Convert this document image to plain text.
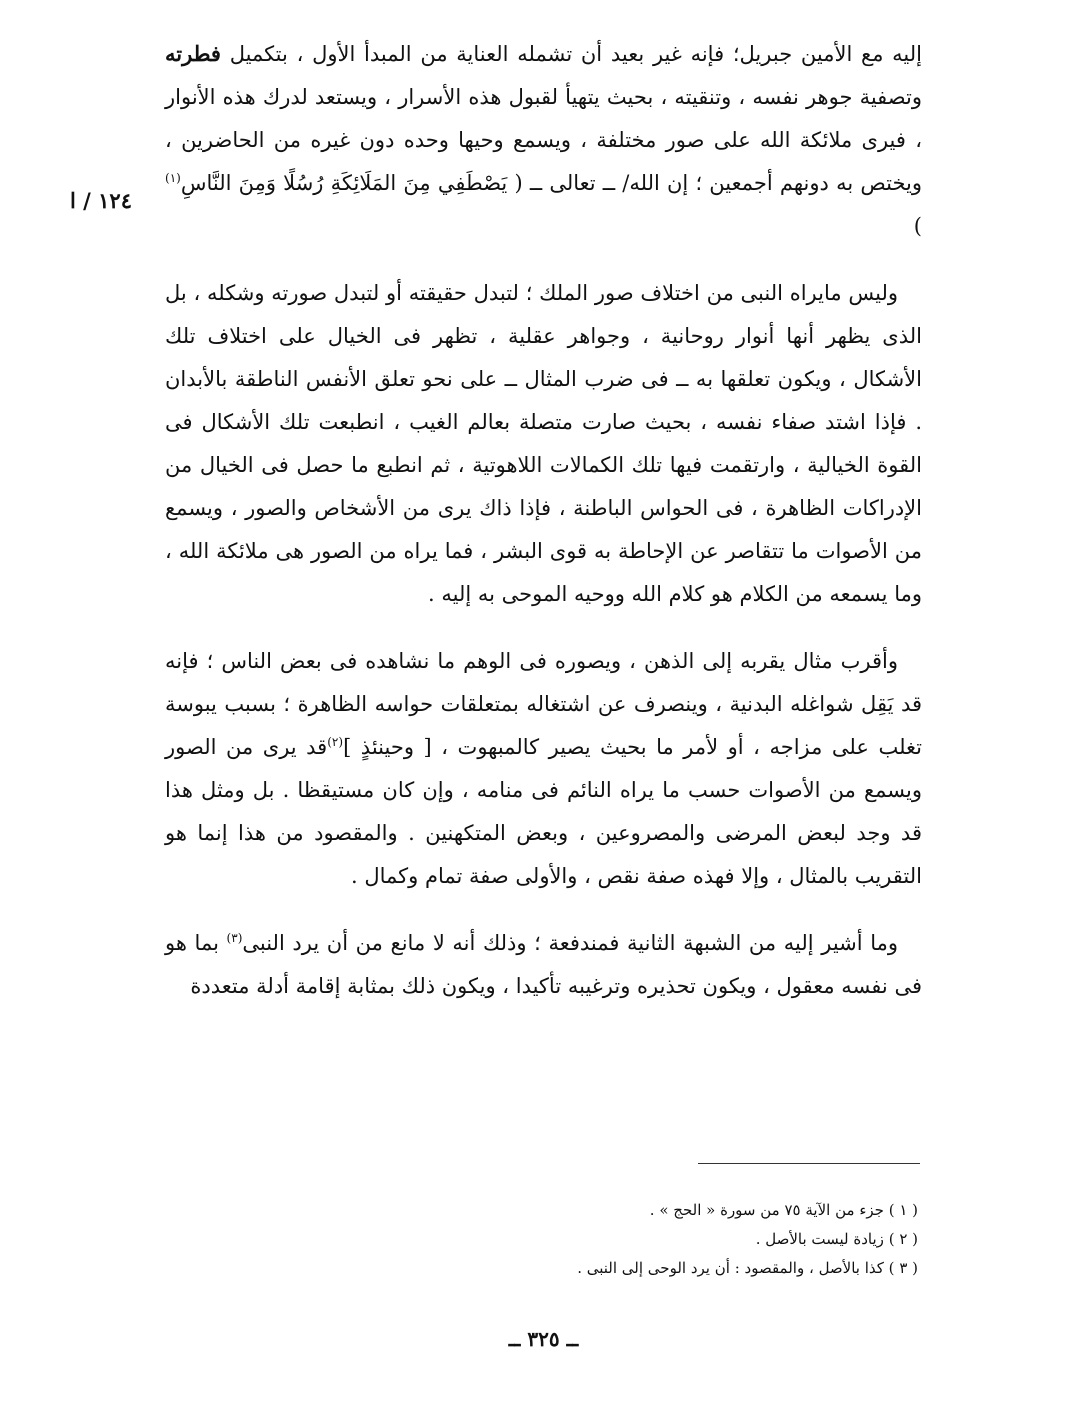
١٢٤ / ا

إليه مع الأمين جبريل؛ فإنه غير بعيد أن تشمله العناية من المبدأ الأول ، بتكميل فطرته وتصفية جوهر نفسه ، وتنقيته ، بحيث يتهيأ لقبول هذه الأسرار ، ويستعد لدرك هذه الأنوار ، فيرى ملائكة الله على صور مختلفة ، ويسمع وحيها وحده دون غيره من الحاضرين ، ويختص به دونهم أجمعين ؛ إن الله/ ــ تعالى ــ ( يَصْطَفِي مِنَ المَلَائِكَةِ رُسُلًا وَمِنَ النَّاسِ$^{(١)}$ )

وليس مايراه النبى من اختلاف صور الملك ؛ لتبدل حقيقته أو لتبدل صورته وشكله ، بل الذى يظهر أنها أنوار روحانية ، وجواهر عقلية ، تظهر فى الخيال على اختلاف تلك الأشكال ، ويكون تعلقها به ــ فى ضرب المثال ــ على نحو تعلق الأنفس الناطقة بالأبدان . فإذا اشتد صفاء نفسه ، بحيث صارت متصلة بعالم الغيب ، انطبعت تلك الأشكال فى القوة الخيالية ، وارتقمت فيها تلك الكمالات اللاهوتية ، ثم انطبع ما حصل فى الخيال من الإدراكات الظاهرة ، فى الحواس الباطنة ، فإذا ذاك يرى من الأشخاص والصور ، ويسمع من الأصوات ما تتقاصر عن الإحاطة به قوى البشر ، فما يراه من الصور هى ملائكة الله ، وما يسمعه من الكلام هو كلام الله ووحيه الموحى به إليه .

وأقرب مثال يقربه إلى الذهن ، ويصوره فى الوهم ما نشاهده فى بعض الناس ؛ فإنه قد يَقِل شواغله البدنية ، وينصرف عن اشتغاله بمتعلقات حواسه الظاهرة ؛ بسبب يبوسة تغلب على مزاجه ، أو لأمر ما بحيث يصير كالمبهوت ، [ وحينئذٍ ]$^{(٢)}$قد يرى من الصور ويسمع من الأصوات حسب ما يراه النائم فى منامه ، وإن كان مستيقظا . بل ومثل هذا قد وجد لبعض المرضى والمصروعين ، وبعض المتكهنين . والمقصود من هذا إنما هو التقريب بالمثال ، وإلا فهذه صفة نقص ، والأولى صفة تمام وكمال .

وما أشير إليه من الشبهة الثانية فمندفعة ؛ وذلك أنه لا مانع من أن يرد النبى$^{(٣)}$ بما هو فى نفسه معقول ، ويكون تحذيره وترغيبه تأكيدا ، ويكون ذلك بمثابة إقامة أدلة متعددة

( ١ ) جزء من الآية ٧٥ من سورة « الحج » .

( ٢ ) زيادة ليست بالأصل .

( ٣ ) كذا بالأصل ، والمقصود : أن يرد الوحى إلى النبى .

ــ ٣٢٥ ــ
